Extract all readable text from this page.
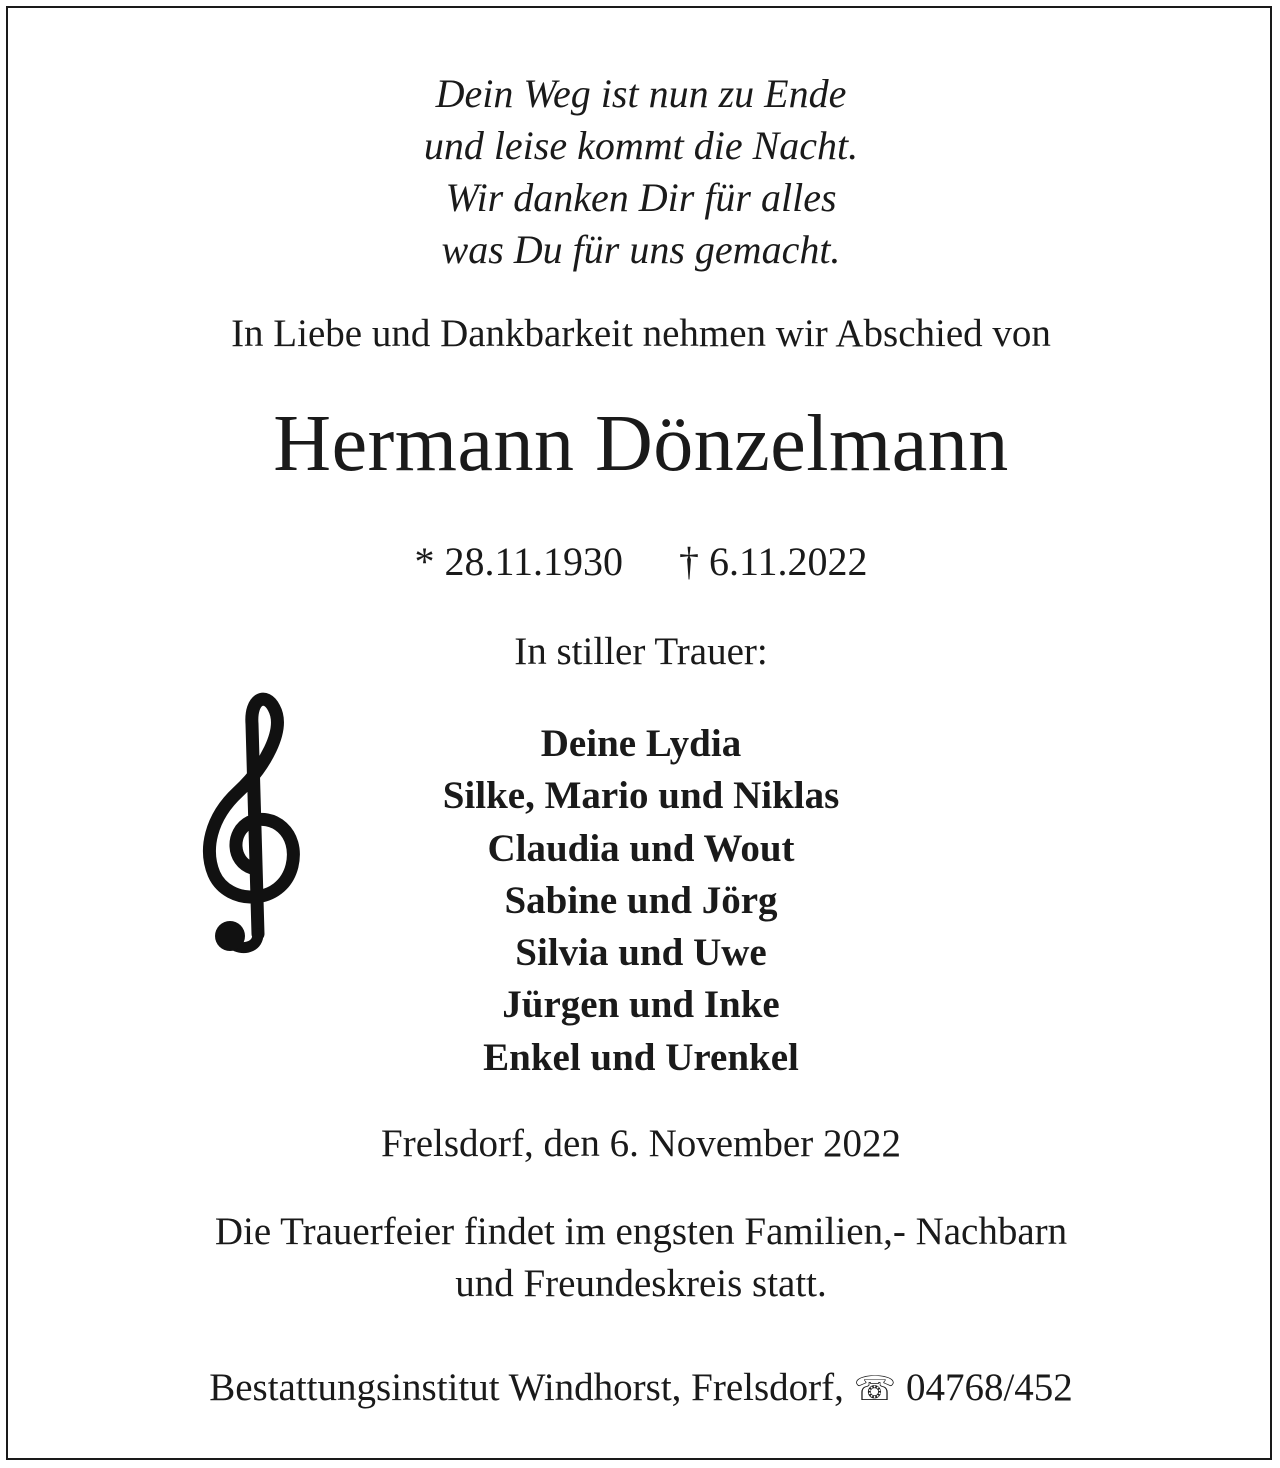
Dein Weg ist nun zu Ende
und leise kommt die Nacht.
Wir danken Dir für alles
was Du für uns gemacht.
In Liebe und Dankbarkeit nehmen wir Abschied von
Hermann Dönzelmann
* 28.11.1930 † 6.11.2022
In stiller Trauer:
Deine Lydia
Silke, Mario und Niklas
Claudia und Wout
Sabine und Jörg
Silvia und Uwe
Jürgen und Inke
Enkel und Urenkel
Frelsdorf, den 6. November 2022
Die Trauerfeier findet im engsten Familien,- Nachbarn
und Freundeskreis statt.
Bestattungsinstitut Windhorst, Frelsdorf, ☏ 04768/452
